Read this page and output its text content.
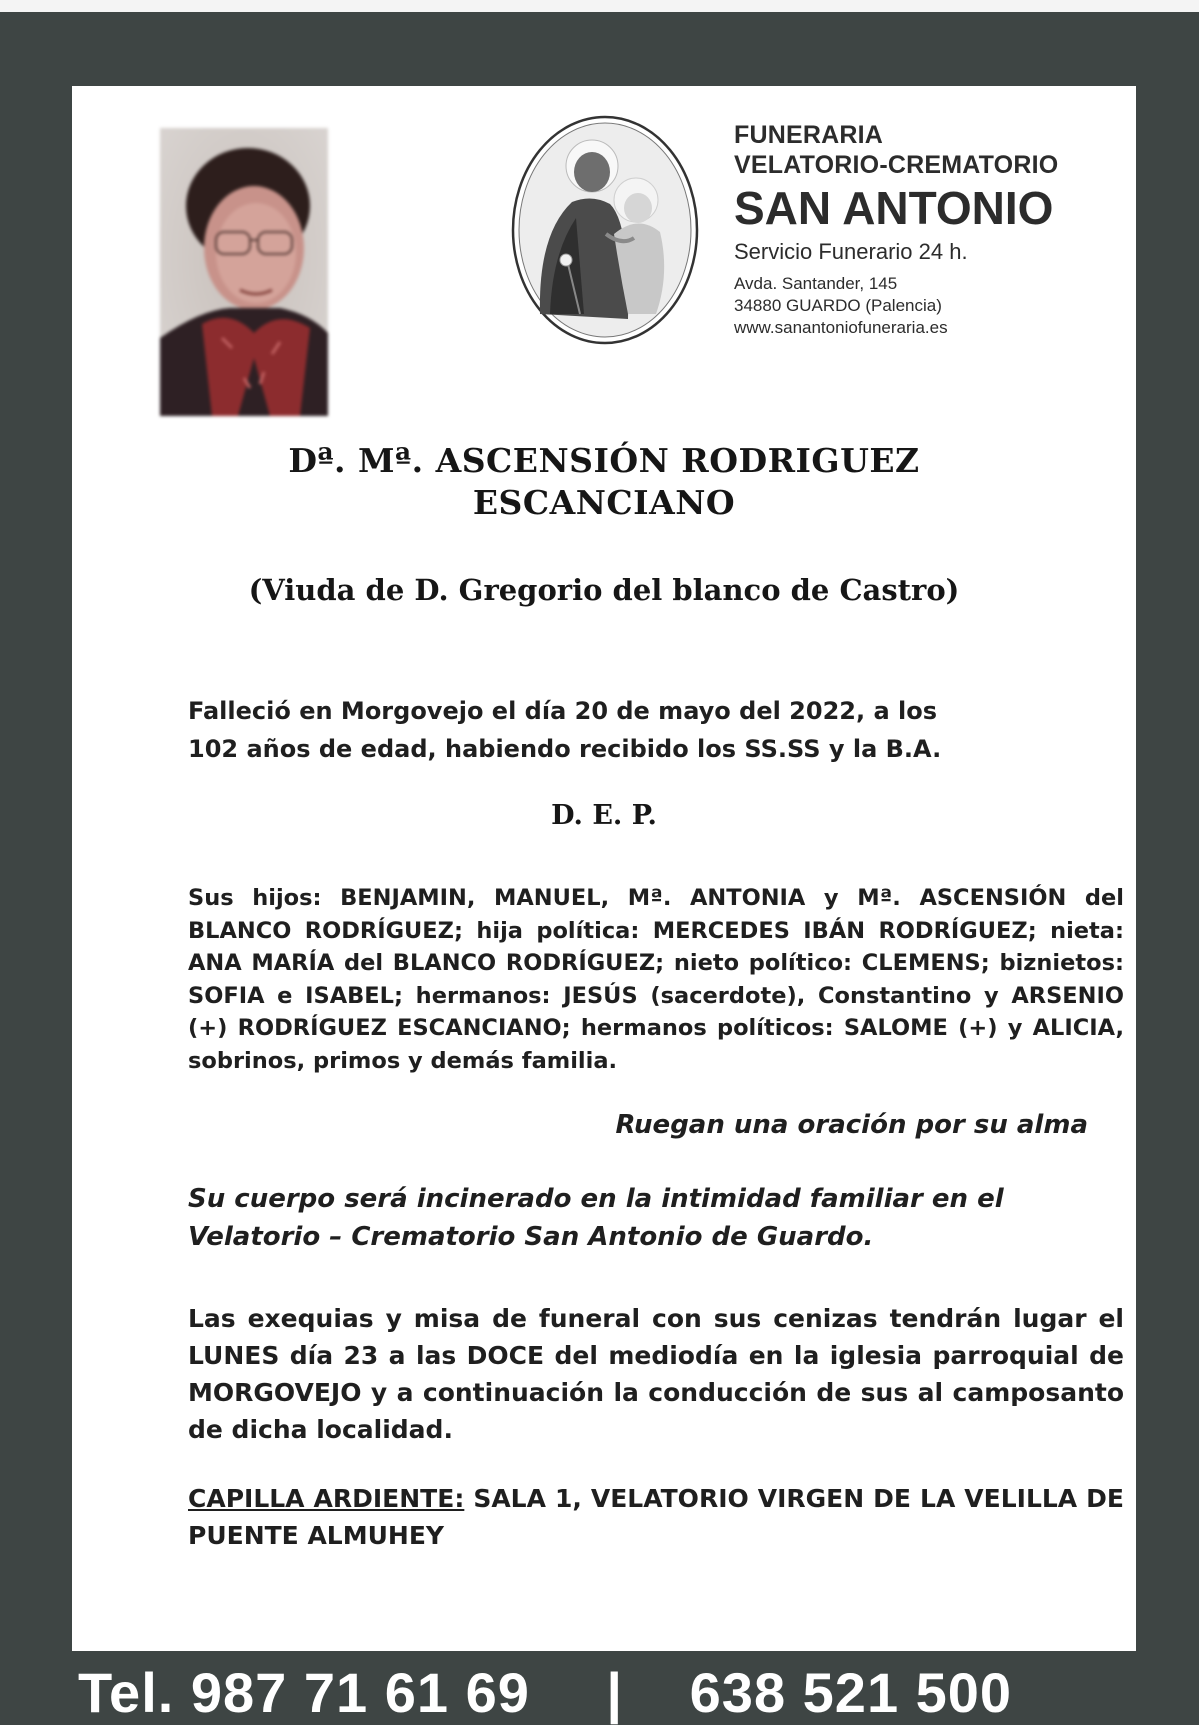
FUNERARIA
VELATORIO-CREMATORIO
SAN ANTONIO
Servicio Funerario 24 h.
Avda. Santander, 145
34880 GUARDO (Palencia)
www.sanantoniofuneraria.es
Dª. Mª. ASCENSIÓN RODRIGUEZ
ESCANCIANO
(Viuda de D. Gregorio del blanco de Castro)
Falleció en Morgovejo el día 20 de mayo del 2022, a los
102 años de edad, habiendo recibido los SS.SS y la B.A.
D. E. P.
Sus hijos: BENJAMIN, MANUEL, Mª. ANTONIA y Mª. ASCENSIÓN del BLANCO RODRÍGUEZ; hija política: MERCEDES IBÁN RODRÍGUEZ; nieta: ANA MARÍA del BLANCO RODRÍGUEZ; nieto político: CLEMENS; biznietos: SOFIA e ISABEL; hermanos: JESÚS (sacerdote), Constantino y ARSENIO (+) RODRÍGUEZ ESCANCIANO; hermanos políticos: SALOME (+) y ALICIA, sobrinos, primos y demás familia.
Ruegan una oración por su alma
Su cuerpo será incinerado en la intimidad familiar en el
Velatorio – Crematorio San Antonio de Guardo.
Las exequias y misa de funeral con sus cenizas tendrán lugar el LUNES día 23 a las DOCE del mediodía en la iglesia parroquial de MORGOVEJO y a continuación la conducción de sus al camposanto de dicha localidad.
CAPILLA ARDIENTE: SALA 1, VELATORIO VIRGEN DE LA VELILLA DE PUENTE ALMUHEY
Tel. 987 71 61 69 | 638 521 500
